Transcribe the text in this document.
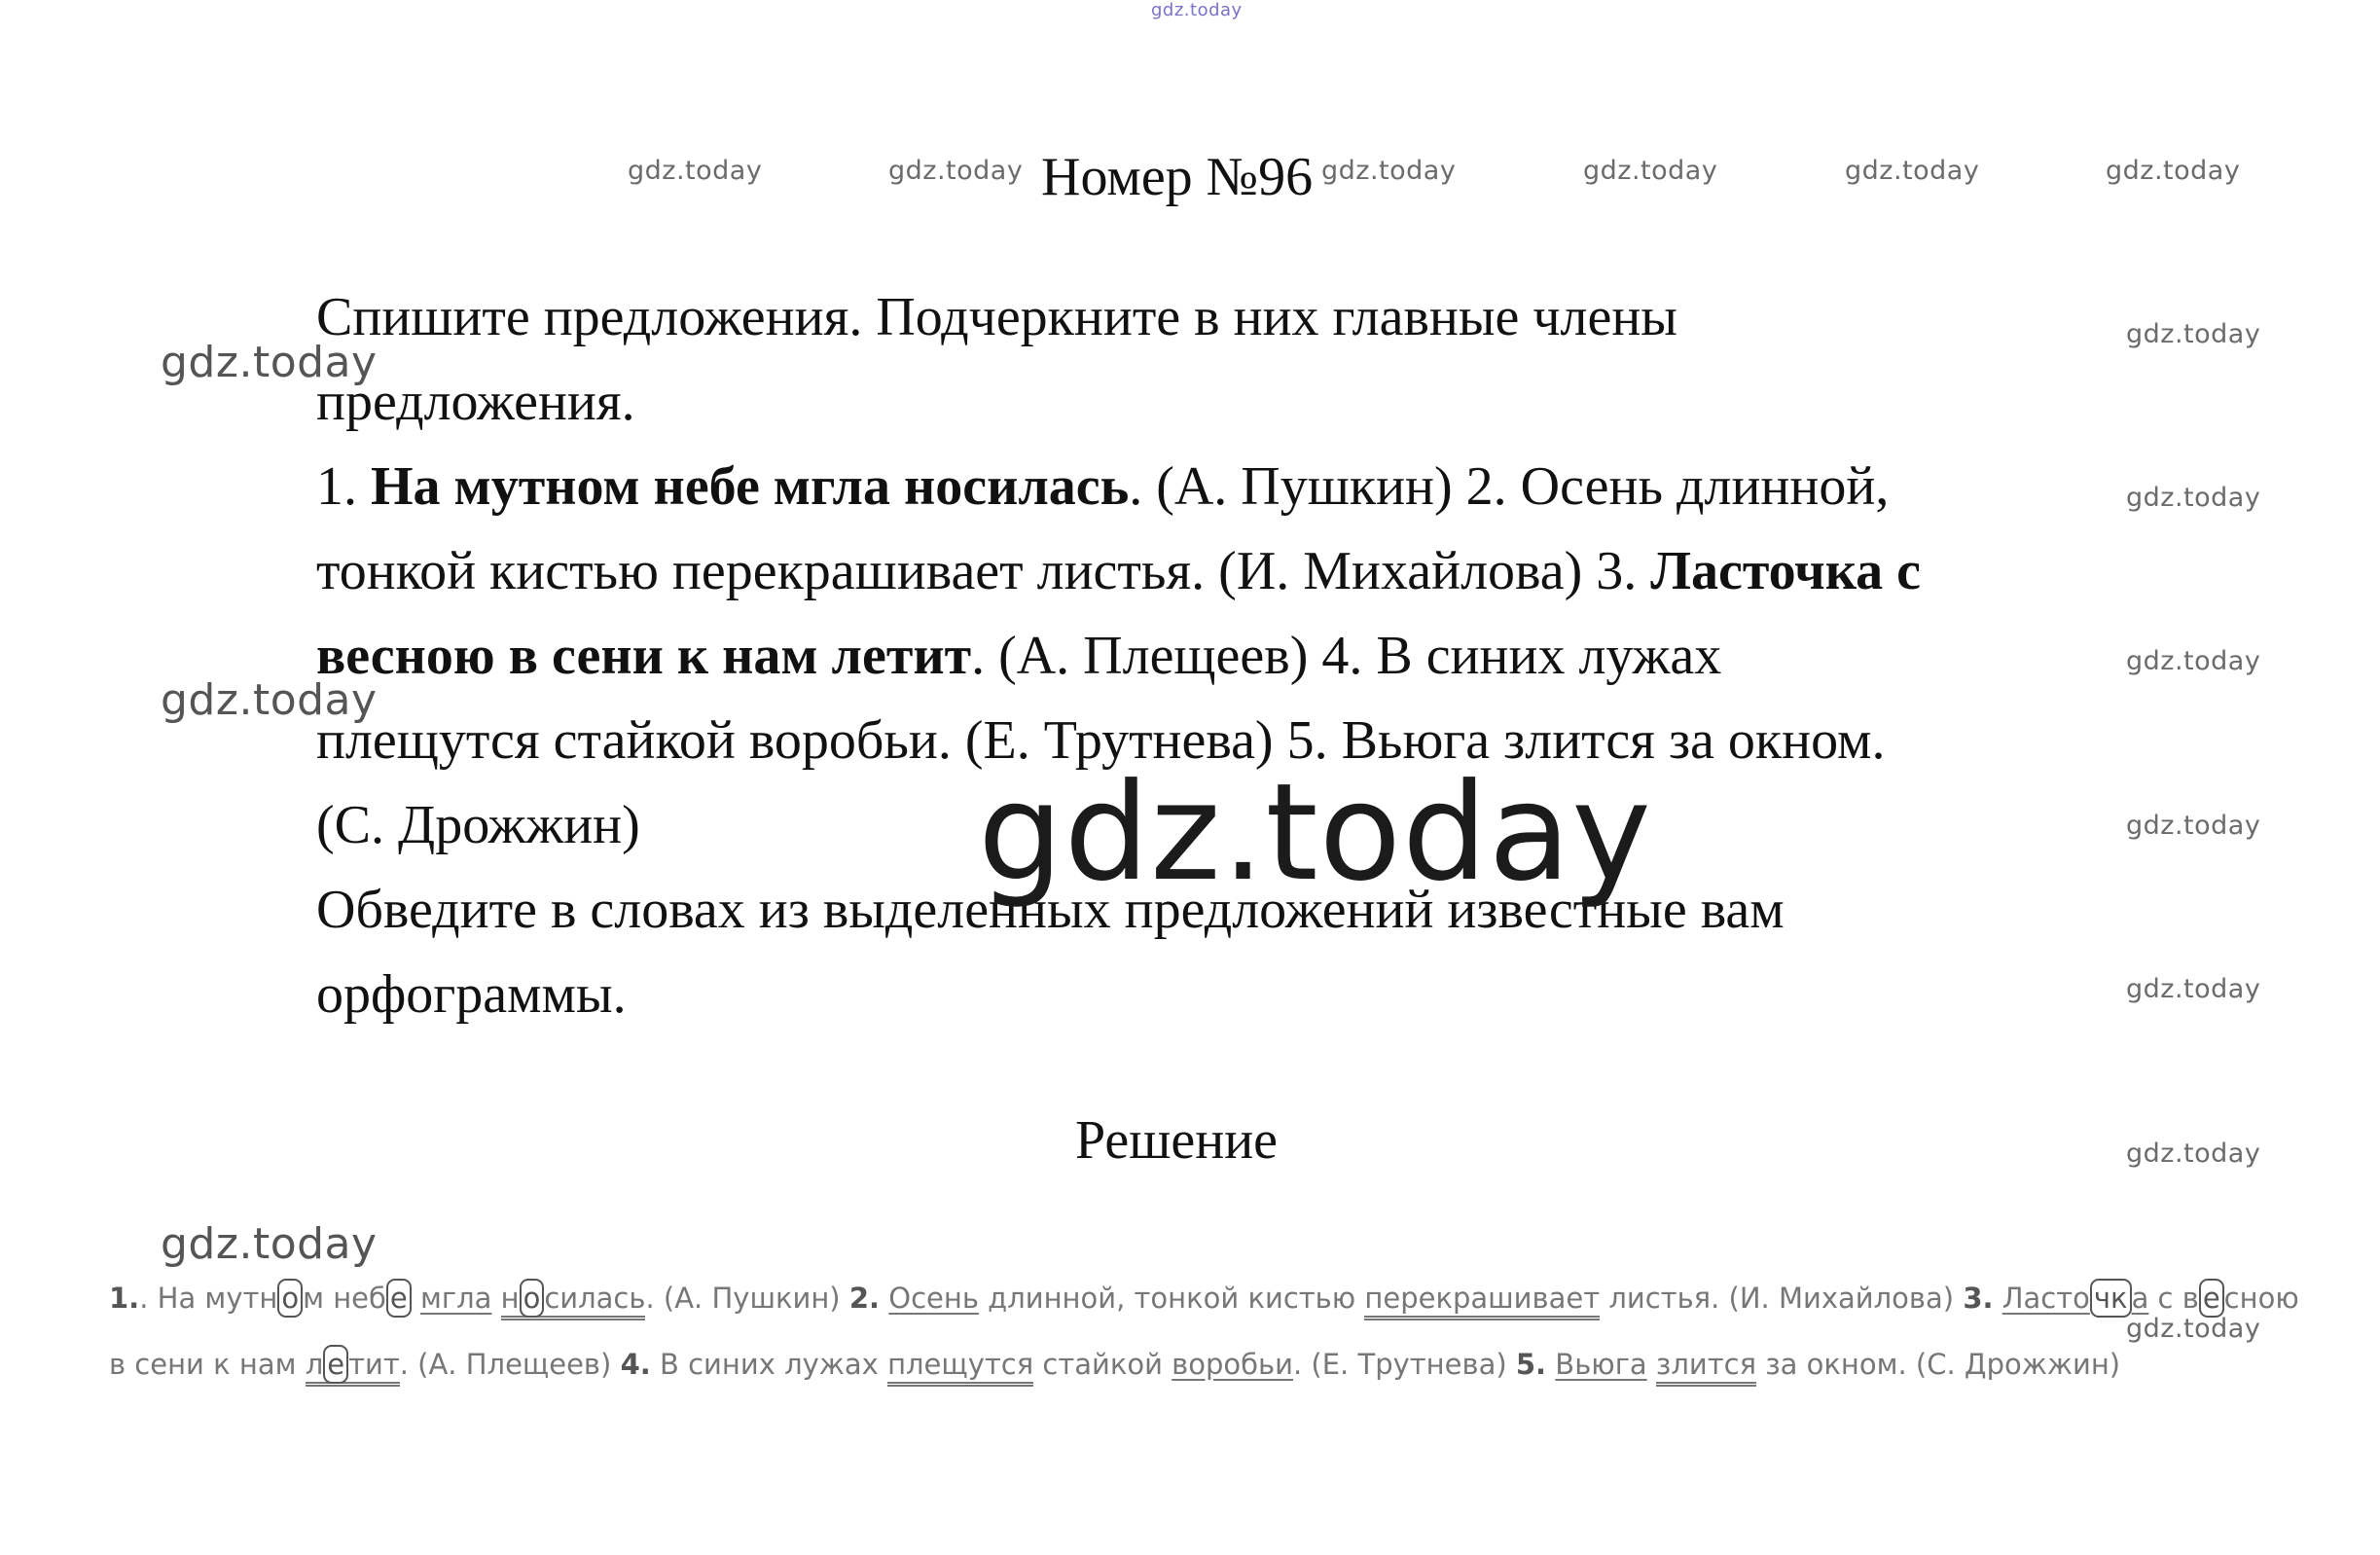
gdz.today
gdz.today	gdz.today	gdz.today	gdz.today	gdz.today	gdz.today
gdz.today
gdz.today
gdz.today
gdz.today
gdz.today
gdz.today
gdz.today
gdz.today
gdz.today
gdz.today
Номер №96

Спишите предложения. Подчеркните в них главные члены

предложения.

1. На мутном небе мгла носилась. (А. Пушкин) 2. Осень длинной,

тонкой кистью перекрашивает листья. (И. Михайлова) 3. Ласточка с

весною в сени к нам летит. (А. Плещеев) 4. В синих лужах

плещутся стайкой воробьи. (Е. Трутнева) 5. Вьюга злится за окном.

(С. Дрожжин)

Обведите в словах из выделенных предложений известные вам

орфограммы.

gdz.today
Решение
1.. На мутн о м неб е мгла н о силась. (А. Пушкин) 2. Осень длинной, тонкой кистью перекрашивает листья. (И. Михайлова) 3. Ласто чк а с в е сною
в сени к нам л е тит. (А. Плещеев) 4. В синих лужах плещутся стайкой воробьи. (Е. Трутнева) 5. Вьюга злится за окном. (С. Дрожжин)
